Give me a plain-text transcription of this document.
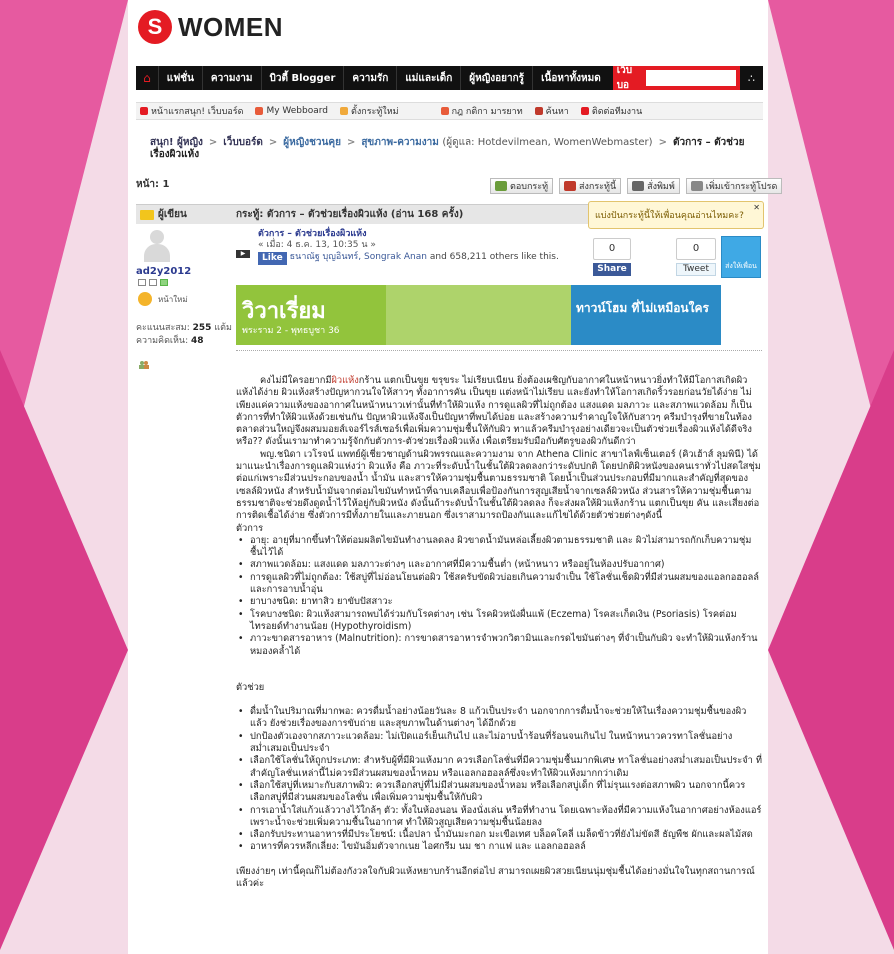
S WOMEN
⌂	แฟชั่น	ความงาม	บิวตี้ Blogger	ความรัก	แม่และเด็ก	ผู้หญิงอยากรู้	เนื้อหาทั้งหมด
เว็บบอ
∴
หน้าแรกสนุก! เว็บบอร์ด	My Webboard	ตั้งกระทู้ใหม่	กฎ กติกา มารยาท	ค้นหา	ติดต่อทีมงาน
สนุก! ผู้หญิง > เว็บบอร์ด > ผู้หญิงชวนคุย > สุขภาพ-ความงาม (ผู้ดูแล: Hotdevilmean, WomenWebmaster) > ตัวการ – ตัวช่วย เรื่องผิวแห้ง
หน้า: 1	ตอบกระทู้	ส่งกระทู้นี้	สั่งพิมพ์	เพิ่มเข้ากระทู้โปรด
ผู้เขียน	กระทู้: ตัวการ – ตัวช่วยเรื่องผิวแห้ง (อ่าน 168 ครั้ง)	แบ่งปันกระทู้นี้ให้เพื่อนคุณอ่านไหมคะ?
✕
ad2y2012
หน้าใหม่
คะแนนสะสม: 255 แต้ม
ความคิดเห็น: 48
▶
ตัวการ – ตัวช่วยเรื่องผิวแห้ง
« เมื่อ: 4 ธ.ค. 13, 10:35 น »
Like ธนาณัฐ บุญอินทร์, Songrak Anan and 658,211 others like this.
0
Share
0
Tweet	ส่งให้เพื่อน
วิวาเรี่ยม
พระราม 2 - พุทธบูชา 36
ทาวน์โฮม ที่ไม่เหมือนใคร

คงไม่มีใครอยากมีผิวแห้งกร้าน แตกเป็นขุย ขรุขระ ไม่เรียบเนียน ยิ่งต้องเผชิญกับอากาศในหน้าหนาวยิ่งทำให้มีโอกาสเกิดผิวแห้งได้ง่าย ผิวแห้งสร้างปัญหากวนใจให้สาวๆ ทั้งอาการคัน เป็นขุย แต่งหน้าไม่เรียบ และยังทำให้โอกาสเกิดริ้วรอยก่อนวัยได้ง่าย ไม่เพียงแค่ความแห้งของอากาศในหน้าหนาวเท่านั้นที่ทำให้ผิวแห้ง การดูแลผิวที่ไม่ถูกต้อง แสงแดด มลภาวะ และสภาพแวดล้อม ก็เป็นตัวการที่ทำให้ผิวแห้งด้วยเช่นกัน ปัญหาผิวแห้งจึงเป็นปัญหาที่พบได้บ่อย และสร้างความรำคาญใจให้กับสาวๆ ครีมบำรุงที่ขายในท้องตลาดส่วนใหญ่จึงผสมมอยส์เจอร์ไรส์เซอร์เพื่อเพิ่มความชุ่มชื้นให้กับผิว ทาแล้วครีมบำรุงอย่างเดียวจะเป็นตัวช่วยเรื่องผิวแห้งได้ดีจริงหรือ?? ดังนั้นเรามาทำความรู้จักกับตัวการ-ตัวช่วยเรื่องผิวแห้ง เพื่อเตรียมรับมือกับศัตรูของผิวกันดีกว่า

พญ.ชนิดา เวโรจน์ แพทย์ผู้เชี่ยวชาญด้านผิวพรรณและความงาม จาก Athena Clinic สาขาไลฟ์เซ็นเตอร์ (คิวเฮ้าส์ ลุมพินี) ได้มาแนะนำเรื่องการดูแลผิวแห่งว่า ผิวแห้ง คือ ภาวะที่ระดับน้ำในชั้นใต้ผิวลดลงกว่าระดับปกติ โดยปกติผิวหนังของคนเราทั่วไปสดใสชุ่มต่อแก่เพราะมีส่วนประกอบของน้ำ น้ำมัน และสารให้ความชุ่มชื้นตามธรรมชาติ โดยน้ำเป็นส่วนประกอบที่มีมากและสำคัญที่สุดของเซลล์ผิวหนัง สำหรับน้ำมันจากต่อมไขมันทำหน้าที่ฉาบเคลือบเพื่อป้องกันการสูญเสียน้ำจากเซลล์ผิวหนัง ส่วนสารให้ความชุ่มชื้นตามธรรมชาติจะช่วยดึงดูดน้ำไว้ให้อยู่กับผิวหนัง ดังนั้นถ้าระดับน้ำในชั้นใต้ผิวลดลง ก็จะส่งผลให้ผิวแห้งกร้าน แตกเป็นขุย คัน และเสี่ยงต่อการติดเชื้อได้ง่าย ซึ่งตัวการมีทั้งภายในและภายนอก ซึ่งเราสามารถป้องกันและแก้ไขได้ด้วยตัวช่วยต่างๆดังนี้

ตัวการ

• อายุ: อายุที่มากขึ้นทำให้ต่อมผลิตไขมันทำงานลดลง ผิวขาดน้ำมันหล่อเลี้ยงผิวตามธรรมชาติ และ ผิวไม่สามารถกักเก็บความชุ่มชื้นไว้ได้
• สภาพแวดล้อม: แสงแดด มลภาวะต่างๆ และอากาศที่มีความชื้นต่ำ (หน้าหนาว หรืออยู่ในห้องปรับอากาศ)
• การดูแลผิวที่ไม่ถูกต้อง: ใช้สบู่ที่ไม่อ่อนโยนต่อผิว ใช้สครับขัดผิวบ่อยเกินความจำเป็น ใช้โลชั่นเช็ดผิวที่มีส่วนผสมของแอลกอฮอลล์ และการอาบน้ำอุ่น
• ยาบางชนิด: ยาทาสิว ยาขับปัสสาวะ
• โรคบางชนิด: ผิวแห้งสามารถพบได้ร่วมกับโรคต่างๆ เช่น โรคผิวหนังผื่นแพ้ (Eczema) โรคสะเก็ดเงิน (Psoriasis) โรคต่อมไทรอยด์ทำงานน้อย (Hypothyroidism)
• ภาวะขาดสารอาหาร (Malnutrition): การขาดสารอาหารจำพวกวิตามินและกรดไขมันต่างๆ ที่จำเป็นกับผิว จะทำให้ผิวแห้งกร้าน หมองคล้ำได้

ตัวช่วย

• ดื่มน้ำในปริมาณที่มากพอ: ควรดื่มน้ำอย่างน้อยวันละ 8 แก้วเป็นประจำ นอกจากการดื่มน้ำจะช่วยให้ในเรื่องความชุ่มชื้นของผิวแล้ว ยังช่วยเรื่องของการขับถ่าย และสุขภาพในด้านต่างๆ ได้อีกด้วย
• ปกป้องตัวเองจากสภาวะแวดล้อม: ไม่เปิดแอร์เย็นเกินไป และไม่อาบน้ำร้อนที่ร้อนจนเกินไป ในหน้าหนาวควรทาโลชั่นอย่างสม่ำเสมอเป็นประจำ
• เลือกใช้โลชั่นให้ถูกประเภท: สำหรับผู้ที่มีผิวแห้งมาก ควรเลือกโลชั่นที่มีความชุ่มชื้นมากพิเศษ ทาโลชั่นอย่างสม่ำเสมอเป็นประจำ ที่สำคัญโลชั่นเหล่านี้ไม่ควรมีส่วนผสมของน้ำหอม หรือแอลกอฮอลล์ซึ่งจะทำให้ผิวแห้งมากกว่าเดิม
• เลือกใช้สบู่ที่เหมาะกับสภาพผิว: ควรเลือกสบู่ที่ไม่มีส่วนผสมของน้ำหอม หรือเลือกสบู่เด็ก ที่ไม่รุนแรงต่อสภาพผิว นอกจากนี้ควรเลือกสบู่ที่มีส่วนผสมของโลชั่น เพื่อเพิ่มความชุ่มชื้นให้กับผิว
• การเอาน้ำใส่แก้วแล้ววางไว้ใกล้ๆ ตัว: ทั้งในห้องนอน ห้องนั่งเล่น หรือที่ทำงาน โดยเฉพาะห้องที่มีความแห้งในอากาศอย่างห้องแอร์ เพราะน้ำจะช่วยเพิ่มความชื้นในอากาศ ทำให้ผิวสูญเสียความชุ่มชื้นน้อยลง
• เลือกรับประทานอาหารที่มีประโยชน์: เนื้อปลา น้ำมันมะกอก มะเขือเทศ บล็อคโคลี่ เมล็ดข้าวที่ยังไม่ขัดสี ธัญพืช ผักและผลไม้สด
• อาหารที่ควรหลีกเลี่ยง: ไขมันอิ่มตัวจากเนย ไอศกรีม นม ชา กาแฟ และ แอลกอฮอลล์

เพียงง่ายๆ เท่านี้คุณก็ไม่ต้องกังวลใจกับผิวแห้งหยาบกร้านอีกต่อไป สามารถเผยผิวสวยเนียนนุ่มชุ่มชื้นได้อย่างมั่นใจในทุกสถานการณ์แล้วค่ะ
